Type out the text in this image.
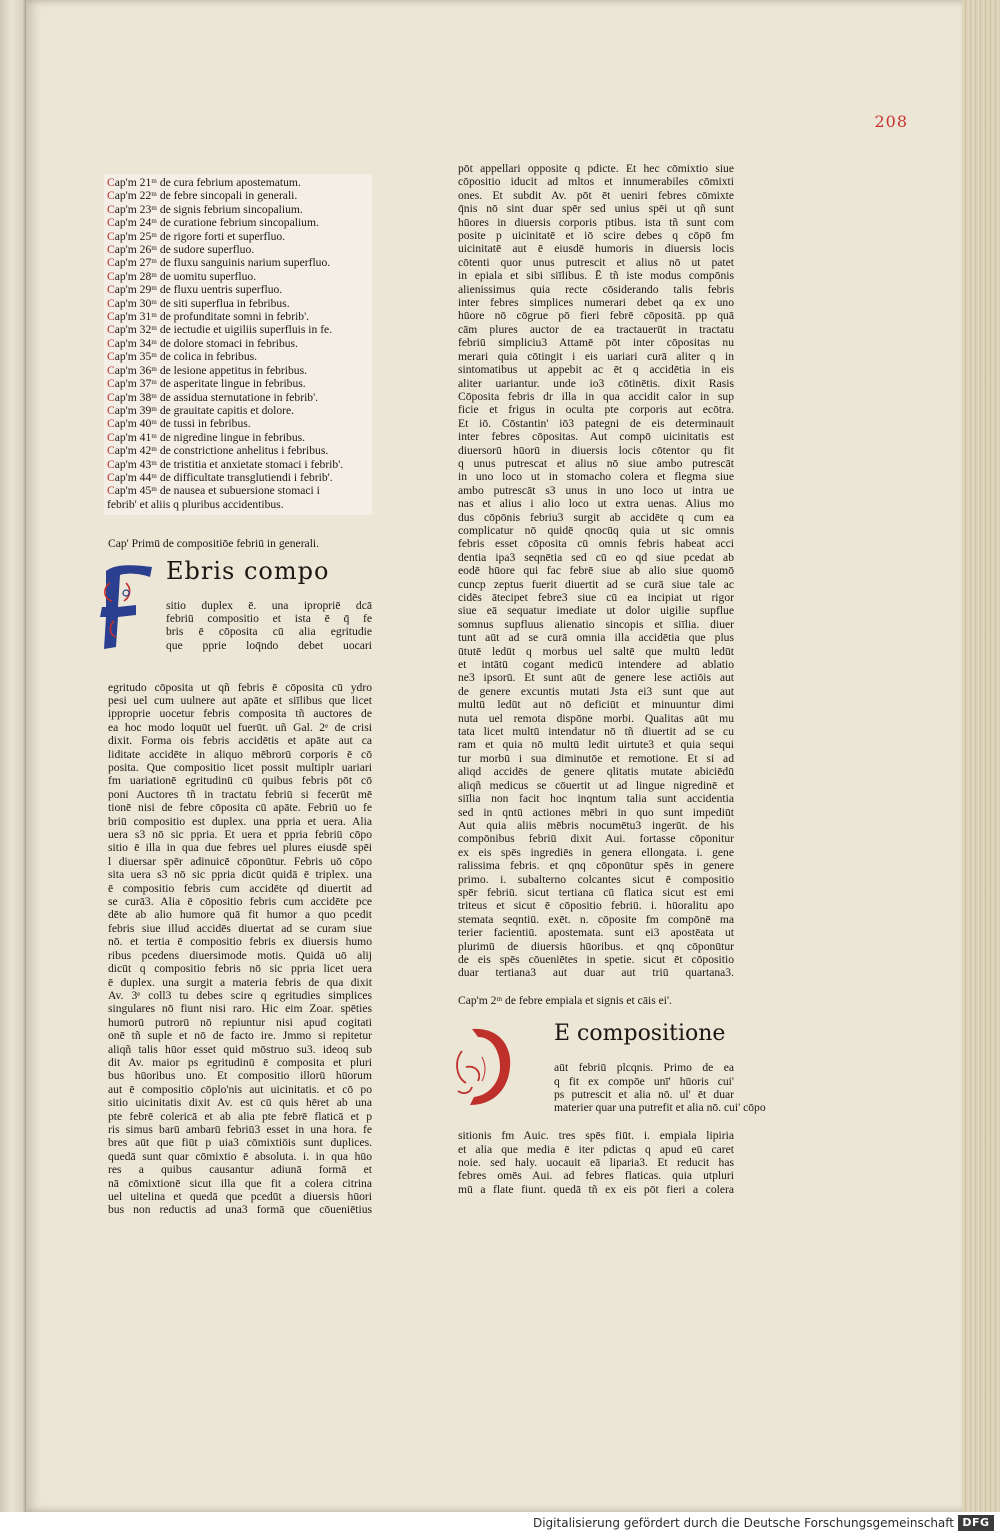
208
Cap'm 21ᵐ de cura febrium apostematum.
Cap'm 22ᵐ de febre sincopali in generali.
Cap'm 23ᵐ de signis febrium sincopalium.
Cap'm 24ᵐ de curatione febrium sincopalium.
Cap'm 25ᵐ de rigore forti et superfluo.
Cap'm 26ᵐ de sudore superfluo.
Cap'm 27ᵐ de fluxu sanguinis narium superfluo.
Cap'm 28ᵐ de uomitu superfluo.
Cap'm 29ᵐ de fluxu uentris superfluo.
Cap'm 30ᵐ de siti superflua in febribus.
Cap'm 31ᵐ de profunditate somni in febrib'.
Cap'm 32ᵐ de iectudie et uigiliis superfluis in fe.
Cap'm 34ᵐ de dolore stomaci in febribus.
Cap'm 35ᵐ de colica in febribus.
Cap'm 36ᵐ de lesione appetitus in febribus.
Cap'm 37ᵐ de asperitate lingue in febribus.
Cap'm 38ᵐ de assidua sternutatione in febrib'.
Cap'm 39ᵐ de grauitate capitis et dolore.
Cap'm 40ᵐ de tussi in febribus.
Cap'm 41ᵐ de nigredine lingue in febribus.
Cap'm 42ᵐ de constrictione anhelitus i febribus.
Cap'm 43ᵐ de tristitia et anxietate stomaci i febrib'.
Cap'm 44ᵐ de difficultate transglutiendi i febrib'.
Cap'm 45ᵐ de nausea et subuersione stomaci i
febrib' et aliis q pluribus accidentibus.
Cap' Primū de compositiōe febriū in generali.
Ebris compo
sitio duplex ē. una ipropriē dcā
febriū compositio et ista ē q̄ fe
bris ē cōposita cū alia egritudie
que pprie loq̄ndo debet uocari
egritudo cōposita ut qñ febris ē cōposita cū ydro
pesi uel cum uulnere aut apāte et siīlibus que licet
ipproprie uocetur febris composita tñ auctores de
ea hoc modo loquūt uel fuerūt. uñ Gal. 2ᵉ de crisi
dixit. Forma ois febris accidētis et apāte aut ca
liditate accidēte in aliquo mēbrorū corporis ē cō
posita. Que compositio licet possit multiplr uariari
fm uariationē egritudinū cū quibus febris pōt cō
poni Auctores tñ in tractatu febriū si fecerūt mē
tionē nisi de febre cōposita cū apāte. Febriū uo fe
briū compositio est duplex. una ppria et uera. Alia
uera s3 nō sic ppria. Et uera et ppria febriū cōpo
sitio ē illa in qua due febres uel plures eiusdē spēi
l diuersar spēr adinuicē cōponūtur. Febris uō cōpo
sita uera s3 nō sic ppria dicūt quidā ē triplex. una
ē compositio febris cum accidēte qd diuertit ad
se curā3. Alia ē cōpositio febris cum accidēte pce
dēte ab alio humore quā fit humor a quo pcedit
febris siue illud accidēs diuertat ad se curam siue
nō. et tertia ē compositio febris ex diuersis humo
ribus pcedens diuersimode motis. Quidā uō alij
dicūt q compositio febris nō sic ppria licet uera
ē duplex. una surgit a materia febris de qua dixit
Av. 3ᵉ coll3 tu debes scire q egritudies simplices
singulares nō fiunt nisi raro. Hic eim Zoar. spēties
humorū putrorū nō repiuntur nisi apud cogitati
onē tñ suple et nō de facto ire. Jmmo si repitetur
aliqñ talis hūor esset quid mōstruo su3. ideoq sub
dit Av. maior ps egritudinū ē composita et pluri
bus hūoribus uno. Et compositio illorū hūorum
aut ē compositio cōplo'nis aut uicinitatis. et cō po
sitio uicinitatis dixit Av. est cū quis hēret ab una
pte febrē colericā et ab alia pte febrē flaticā et p
ris simus barū ambarū febriū3 esset in una hora. fe
bres aūt que fiūt p uia3 cōmixtiōis sunt duplices.
quedā sunt quar cōmixtio ē absoluta. i. in qua hūo
res a quibus causantur adiunā formā et
nā cōmixtionē sicut illa que fit a colera citrina
uel uitelina et quedā que pcedūt a diuersis hūori
bus non reductis ad una3 formā que cōueniētius
pōt appellari opposite q pdicte. Et hec cōmixtio siue
cōpositio iducit ad mltos et innumerabiles cōmixti
ones. Et subdit Av. pōt ēt ueniri febres cōmixte
q̄nis nō sint duar spēr sed unius spēi ut qñ sunt
hūores in diuersis corporis ptibus. ista tñ sunt com
posite p uicinitatē et iō scire debes q cōpō fm
uicinitatē aut ē eiusdē humoris in diuersis locis
cōtenti quor unus putrescit et alius nō ut patet
in epiala et sibi siīlibus. Ē tñ iste modus compōnis
alienissimus quia recte cōsiderando talis febris
inter febres simplices numerari debet qa ex uno
hūore nō cōgrue pō fieri febrē cōpositā. pp quā
cām plures auctor de ea tractauerūt in tractatu
febriū simpliciu3 Attamē pōt inter cōpositas nu
merari quia cōtingit i eis uariari curā aliter q in
sintomatibus ut appebit ac ēt q accidētia in eis
aliter uariantur. unde io3 cōtinētis. dixit Rasis
Cōposita febris dr illa in qua accidit calor in sup
ficie et frigus in oculta pte corporis aut ecōtra.
Et iō. Cōstantin' iō3 pategni de eis determinauit
inter febres cōpositas. Aut compō uicinitatis est
diuersorū hūorū in diuersis locis cōtentor qu fit
q unus putrescat et alius nō siue ambo putrescāt
in uno loco ut in stomacho colera et flegma siue
ambo putrescāt s3 unus in uno loco ut intra ue
nas et alius i alio loco ut extra uenas. Alius mo
dus cōpōnis febriu3 surgit ab accidēte q cum ea
complicatur nō quidē qnocūq quia ut sic omnis
febris esset cōposita cū omnis febris habeat acci
dentia ipa3 seqnētia sed cū eo qd siue pcedat ab
eodē hūore qui fac febrē siue ab alio siue quomō
cuncp zeptus fuerit diuertit ad se curā siue tale ac
cidēs ātecipet febre3 siue cū ea incipiat ut rigor
siue eā sequatur imediate ut dolor uigilie supflue
somnus supfluus alienatio sincopis et siīlia. diuer
tunt aūt ad se curā omnia illa accidētia que plus
ūtutē ledūt q morbus uel saltē que multū ledūt
et intātū cogant medicū intendere ad ablatio
ne3 ipsorū. Et sunt aūt de genere lese actiōis aut
de genere excuntis mutati Jsta ei3 sunt que aut
multū ledūt aut nō deficiūt et minuuntur dimi
nuta uel remota dispōne morbi. Qualitas aūt mu
tata licet multū intendatur nō tñ diuertit ad se cu
ram et quia nō multū ledit uirtute3 et quia sequi
tur morbū i sua diminutōe et remotione. Et si ad
aliqd accidēs de genere qlitatis mutate abiciēdū
aliqñ medicus se cōuertit ut ad lingue nigredinē et
siīlia non facit hoc inqntum talia sunt accidentia
sed in qntū actiones mēbri in quo sunt impediūt
Aut quia aliis mēbris nocumētu3 ingerūt. de his
compōnibus febriū dixit Aui. fortasse cōponitur
ex eis spēs ingrediēs in genera ellongata. i. gene
ralissima febris. et qnq cōponūtur spēs in genere
primo. i. subalterno colcantes sicut ē compositio
spēr febriū. sicut tertiana cū flatica sicut est emi
triteus et sicut ē cōpositio febriū. i. hūoralitu apo
stemata seqntiū. exēt. n. cōposite fm compōnē ma
terier facientiū. apostemata. sunt ei3 apostēata ut
plurimū de diuersis hūoribus. et qnq cōponūtur
de eis spēs cōueniētes in spetie. sicut ēt cōpositio
duar tertiana3 aut duar aut triū quartana3.
Cap'm 2ᵐ de febre empiala et signis et cāis ei'.
E compositione
aūt febriū plcqnis. Primo de ea
q fit ex compōe unī' hūoris cui'
ps putrescit et alia nō. ul' ēt duar
materier quar una putrefit et alia nō. cui' cōpo
sitionis fm Auic. tres spēs fiūt. i. empiala lipiria
et alia que media ē iter pdictas q apud eū caret
noie. sed haly. uocauit eā liparia3. Et reducit has
febres omēs Aui. ad febres flaticas. quia utpluri
mū a flate fiunt. quedā tñ ex eis pōt fieri a colera
Digitalisierung gefördert durch die Deutsche Forschungsgemeinschaft DFG
